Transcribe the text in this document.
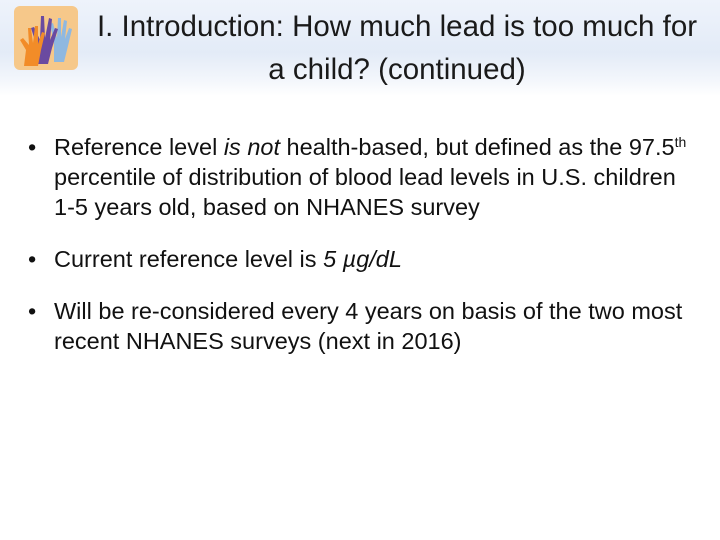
I. Introduction: How much lead is too much for a child? (continued)
• Reference level is not health-based, but defined as the 97.5th percentile of distribution of blood lead levels in U.S. children 1-5 years old, based on NHANES survey
• Current reference level is 5 µg/dL
• Will be re-considered every 4 years on basis of the two most recent NHANES surveys (next in 2016)
